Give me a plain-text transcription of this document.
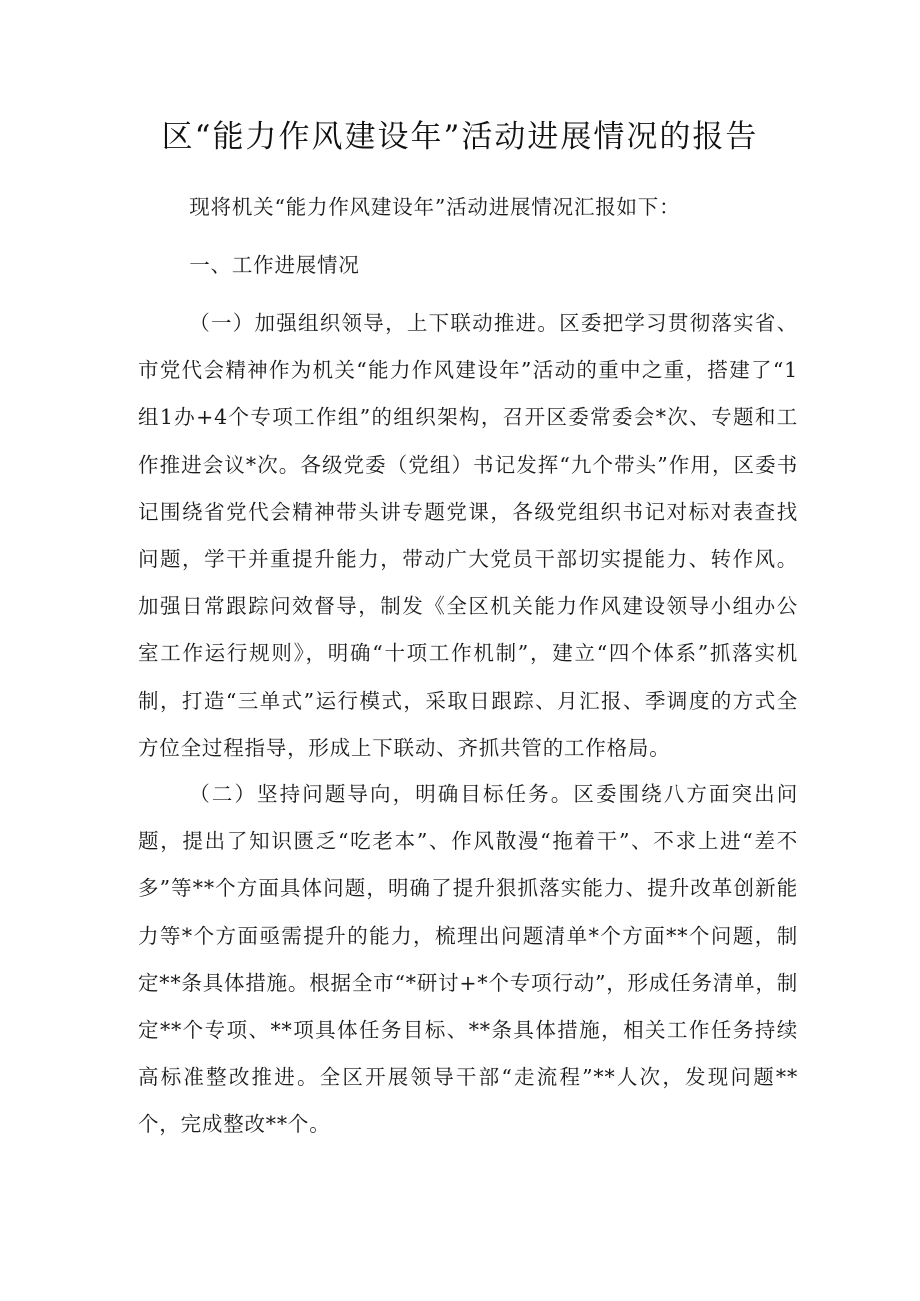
区“能力作风建设年”活动进展情况的报告

现将机关“能力作风建设年”活动进展情况汇报如下：

一、工作进展情况

（一）加强组织领导，上下联动推进。区委把学习贯彻落实省、市党代会精神作为机关“能力作风建设年”活动的重中之重，搭建了“1组1办+4个专项工作组”的组织架构，召开区委常委会*次、专题和工作推进会议*次。各级党委（党组）书记发挥“九个带头”作用，区委书记围绕省党代会精神带头讲专题党课，各级党组织书记对标对表查找问题，学干并重提升能力，带动广大党员干部切实提能力、转作风。加强日常跟踪问效督导，制发《全区机关能力作风建设领导小组办公室工作运行规则》，明确“十项工作机制”，建立“四个体系”抓落实机制，打造“三单式”运行模式，采取日跟踪、月汇报、季调度的方式全方位全过程指导，形成上下联动、齐抓共管的工作格局。

（二）坚持问题导向，明确目标任务。区委围绕八方面突出问题，提出了知识匮乏“吃老本”、作风散漫“拖着干”、不求上进“差不多”等**个方面具体问题，明确了提升狠抓落实能力、提升改革创新能力等*个方面亟需提升的能力，梳理出问题清单*个方面**个问题，制定**条具体措施。根据全市“*研讨+*个专项行动”，形成任务清单，制定**个专项、**项具体任务目标、**条具体措施，相关工作任务持续高标准整改推进。全区开展领导干部“走流程”**人次，发现问题**个，完成整改**个。
